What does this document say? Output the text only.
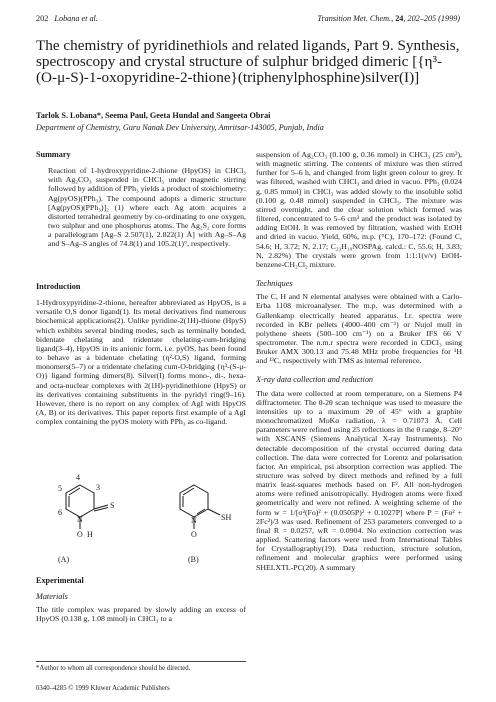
202 Lobana et al.	Transition Met. Chem., 24, 202–205 (1999)
The chemistry of pyridinethiols and related ligands, Part 9. Synthesis, spectroscopy and crystal structure of sulphur bridged dimeric [{η³-(O-μ-S)-1-oxopyridine-2-thione}(triphenylphosphine)silver(I)]
Tarlok S. Lobana*, Seema Paul, Geeta Hundal and Sangeeta Obrai
Department of Chemistry, Guru Nanak Dev University, Amritsar-143005, Punjab, India

Summary

Reaction of 1-hydroxypyridine-2-thione (HpyOS) in CHCl₃ with Ag₂CO₃ suspended in CHCl₃ under magnetic stirring followed by addition of PPh₃ yields a product of stoichiometry: Ag(pyOS)(PPh₃). The compound adopts a dimeric structure [Ag(pyOS)(PPh₃)]₂ (1) where each Ag atom acquires a distorted tetrahedral geometry by co-ordinating to one oxygen, two sulphur and one phosphorus atoms. The Ag₂S₂ core forms a parallelogram [Ag–S 2.507(1), 2.822(1) Å] with Ag–S–Ag and S–Ag–S angles of 74.8(1) and 105.2(1)°, respectively.

Introduction

1-Hydroxypyridine-2-thione, hereafter abbreviated as HpyOS, is a versatile O,S donor ligand(1). Its metal derivatives find numerous biochemical applications(2). Unlike pyridine-2(1H)-thione (HpyS) which exhibits several binding modes, such as terminally bonded, bidentate chelating and tridentate chelating-cum-bridging ligand(3–4), HpyOS in its anionic form, i.e. pyOS, has been found to behave as a bidentate chelating (η²-O,S) ligand, forming monomers(5–7) or a tridentate chelating cum-O-bridging {η³-(S-μ-O)} ligand forming dimers(8). Silver(I) forms mono-, di-, hexa- and octa-nuclear complexes with 2(1H)-pyridinethione (HpyS) or its derivatives containing substituents in the pyridyl ring(9–16). However, there is no report on any complex of AgI with HpyOS (A, B) or its derivatives. This paper reports first example of a AgI complex containing the pyOS moiety with PPh₃ as co-ligand.

4
3
5
6
N
S
O H
(A)
N	SH
O
(B)

Experimental

Materials

The title complex was prepared by slowly adding an excess of HpyOS (0.138 g, 1.08 mmol) in CHCl₃ to a

*Author to whom all correspondence should be directed.
0340–4285 © 1999 Kluwer Academic Publishers

suspension of Ag₂CO₃ (0.100 g, 0.36 mmol) in CHCl₃ (25 cm³), with magnetic stirring. The contents of mixture was then stirred further for 5–6 h, and changed from light green colour to grey. It was filtered, washed with CHCl₃ and dried in vacuo. PPh₃ (0.024 g, 0.85 mmol) in CHCl₃ was added slowly to the insoluble solid (0.100 g, 0.48 mmol) suspended in CHCl₃. The mixture was stirred overnight, and the clear solution which formed was filtered, concentrated to 5–6 cm³ and the product was isolated by adding EtOH. It was removed by filtration, washed with EtOH and dried in vacuo. Yield, 60%, m.p. (°C), 170–172: (Found C, 54.6; H, 3.72; N, 2.17; C₂₃H₁₉NOSPAg. calcd.: C, 55.6; H, 3.83; N, 2.82%) The crystals were grown from 1:1:1(v/v) EtOH-benzene-CH₂Cl₂ mixture.

Techniques

The C, H and N elemental analyses were obtained with a Carlo-Erba 1108 microanalyser. The m.p. was determined with a Gallenkamp electrically heated apparatus. I.r. spectra were recorded in KBr pellets (4000–400 cm⁻¹) or Nujol mull in polythene sheets (500–100 cm⁻¹) on a Bruker IFS 66 V spectrometer. The n.m.r spectra were recorded in CDCl₃ using Bruker AMX 300.13 and 75.48 MHz probe frequencies for ¹H and ¹³C, respectively with TMS as internal reference.

X-ray data collection and reduction

The data were collected at room temperature, on a Siemens P4 diffractometer. The θ-2θ scan technique was used to measure the intensities up to a maximum 2θ of 45° with a graphite monochromatized MoKα radiation, λ = 0.71073 Å. Cell parameters were refined using 25 reflections in the θ range, 8–20° with XSCANS (Siemens Analytical X-ray Instruments). No detectable decomposition of the crystal occurred during data collection. The data were corrected for Lorentz and polarisation factor. An empirical, psi absorption correction was applied. The structure was solved by direct methods and refined by a full matrix least-squares methods based on F². All non-hydrogen atoms were refined anisotropically. Hydrogen atoms were fixed geometrically and were not refined. A weighting scheme of the form w = 1/[σ²(Fo)² + (0.0505P)² + 0.1027P] where P = (Fo² + 2Fc²)/3 was used. Refinement of 253 parameters converged to a final R = 0.0257, wR = 0.0904. No extinction correction was applied. Scattering factors were used from International Tables for Crystallography(19). Data reduction, structure solution, refinement and molecular graphics were performed using SHELXTL-PC(20). A summary
